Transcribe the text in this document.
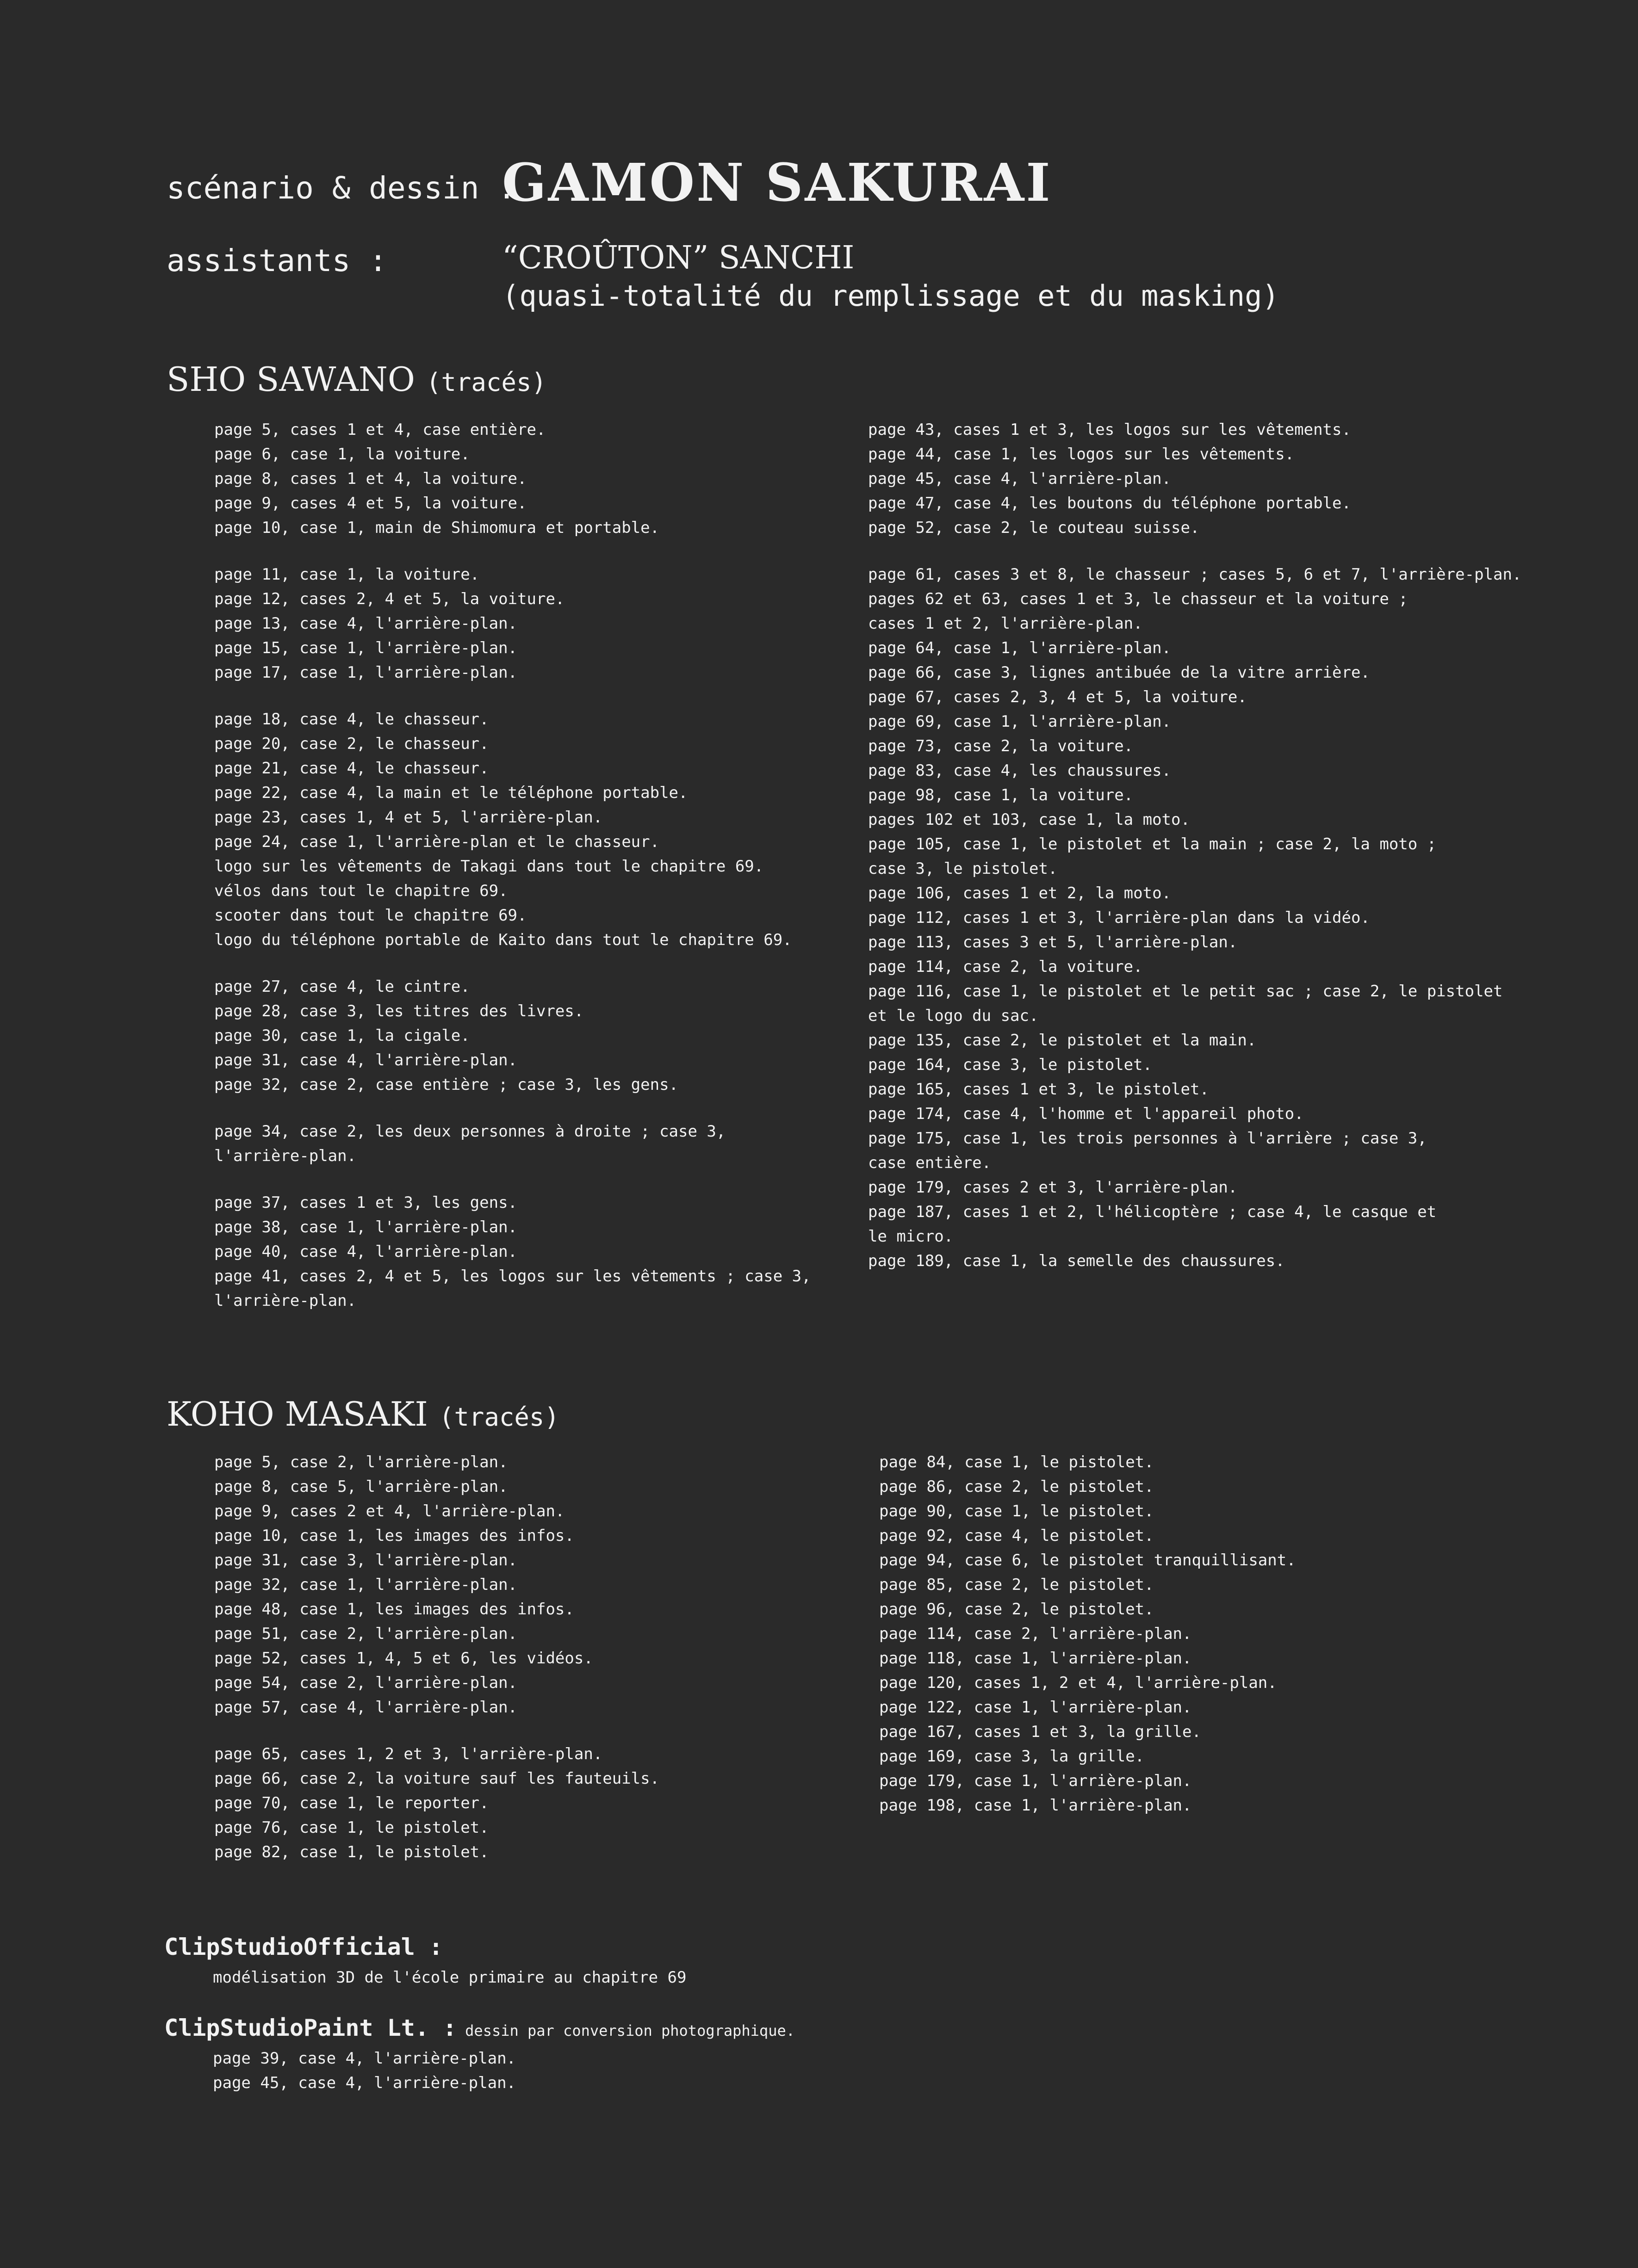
scénario & dessin :
GAMON SAKURAI
assistants :	“CROÛTON” SANCHI
(quasi-totalité du remplissage et du masking)
SHO SAWANO (tracés)
page 5, cases 1 et 4, case entière.
page 6, case 1, la voiture.
page 8, cases 1 et 4, la voiture.
page 9, cases 4 et 5, la voiture.
page 10, case 1, main de Shimomura et portable.
page 11, case 1, la voiture.
page 12, cases 2, 4 et 5, la voiture.
page 13, case 4, l'arrière-plan.
page 15, case 1, l'arrière-plan.
page 17, case 1, l'arrière-plan.
page 18, case 4, le chasseur.
page 20, case 2, le chasseur.
page 21, case 4, le chasseur.
page 22, case 4, la main et le téléphone portable.
page 23, cases 1, 4 et 5, l'arrière-plan.
page 24, case 1, l'arrière-plan et le chasseur.
logo sur les vêtements de Takagi dans tout le chapitre 69.
vélos dans tout le chapitre 69.
scooter dans tout le chapitre 69.
logo du téléphone portable de Kaito dans tout le chapitre 69.
page 27, case 4, le cintre.
page 28, case 3, les titres des livres.
page 30, case 1, la cigale.
page 31, case 4, l'arrière-plan.
page 32, case 2, case entière ; case 3, les gens.
page 34, case 2, les deux personnes à droite ; case 3,
l'arrière-plan.
page 37, cases 1 et 3, les gens.
page 38, case 1, l'arrière-plan.
page 40, case 4, l'arrière-plan.
page 41, cases 2, 4 et 5, les logos sur les vêtements ; case 3,
l'arrière-plan.
page 43, cases 1 et 3, les logos sur les vêtements.
page 44, case 1, les logos sur les vêtements.
page 45, case 4, l'arrière-plan.
page 47, case 4, les boutons du téléphone portable.
page 52, case 2, le couteau suisse.
page 61, cases 3 et 8, le chasseur ; cases 5, 6 et 7, l'arrière-plan.
pages 62 et 63, cases 1 et 3, le chasseur et la voiture ;
cases 1 et 2, l'arrière-plan.
page 64, case 1, l'arrière-plan.
page 66, case 3, lignes antibuée de la vitre arrière.
page 67, cases 2, 3, 4 et 5, la voiture.
page 69, case 1, l'arrière-plan.
page 73, case 2, la voiture.
page 83, case 4, les chaussures.
page 98, case 1, la voiture.
pages 102 et 103, case 1, la moto.
page 105, case 1, le pistolet et la main ; case 2, la moto ;
case 3, le pistolet.
page 106, cases 1 et 2, la moto.
page 112, cases 1 et 3, l'arrière-plan dans la vidéo.
page 113, cases 3 et 5, l'arrière-plan.
page 114, case 2, la voiture.
page 116, case 1, le pistolet et le petit sac ; case 2, le pistolet
et le logo du sac.
page 135, case 2, le pistolet et la main.
page 164, case 3, le pistolet.
page 165, cases 1 et 3, le pistolet.
page 174, case 4, l'homme et l'appareil photo.
page 175, case 1, les trois personnes à l'arrière ; case 3,
case entière.
page 179, cases 2 et 3, l'arrière-plan.
page 187, cases 1 et 2, l'hélicoptère ; case 4, le casque et
le micro.
page 189, case 1, la semelle des chaussures.
KOHO MASAKI (tracés)
page 5, case 2, l'arrière-plan.
page 8, case 5, l'arrière-plan.
page 9, cases 2 et 4, l'arrière-plan.
page 10, case 1, les images des infos.
page 31, case 3, l'arrière-plan.
page 32, case 1, l'arrière-plan.
page 48, case 1, les images des infos.
page 51, case 2, l'arrière-plan.
page 52, cases 1, 4, 5 et 6, les vidéos.
page 54, case 2, l'arrière-plan.
page 57, case 4, l'arrière-plan.
page 65, cases 1, 2 et 3, l'arrière-plan.
page 66, case 2, la voiture sauf les fauteuils.
page 70, case 1, le reporter.
page 76, case 1, le pistolet.
page 82, case 1, le pistolet.
page 84, case 1, le pistolet.
page 86, case 2, le pistolet.
page 90, case 1, le pistolet.
page 92, case 4, le pistolet.
page 94, case 6, le pistolet tranquillisant.
page 85, case 2, le pistolet.
page 96, case 2, le pistolet.
page 114, case 2, l'arrière-plan.
page 118, case 1, l'arrière-plan.
page 120, cases 1, 2 et 4, l'arrière-plan.
page 122, case 1, l'arrière-plan.
page 167, cases 1 et 3, la grille.
page 169, case 3, la grille.
page 179, case 1, l'arrière-plan.
page 198, case 1, l'arrière-plan.
ClipStudioOfficial :
modélisation 3D de l'école primaire au chapitre 69
ClipStudioPaint Lt. : dessin par conversion photographique.
page 39, case 4, l'arrière-plan.
page 45, case 4, l'arrière-plan.
